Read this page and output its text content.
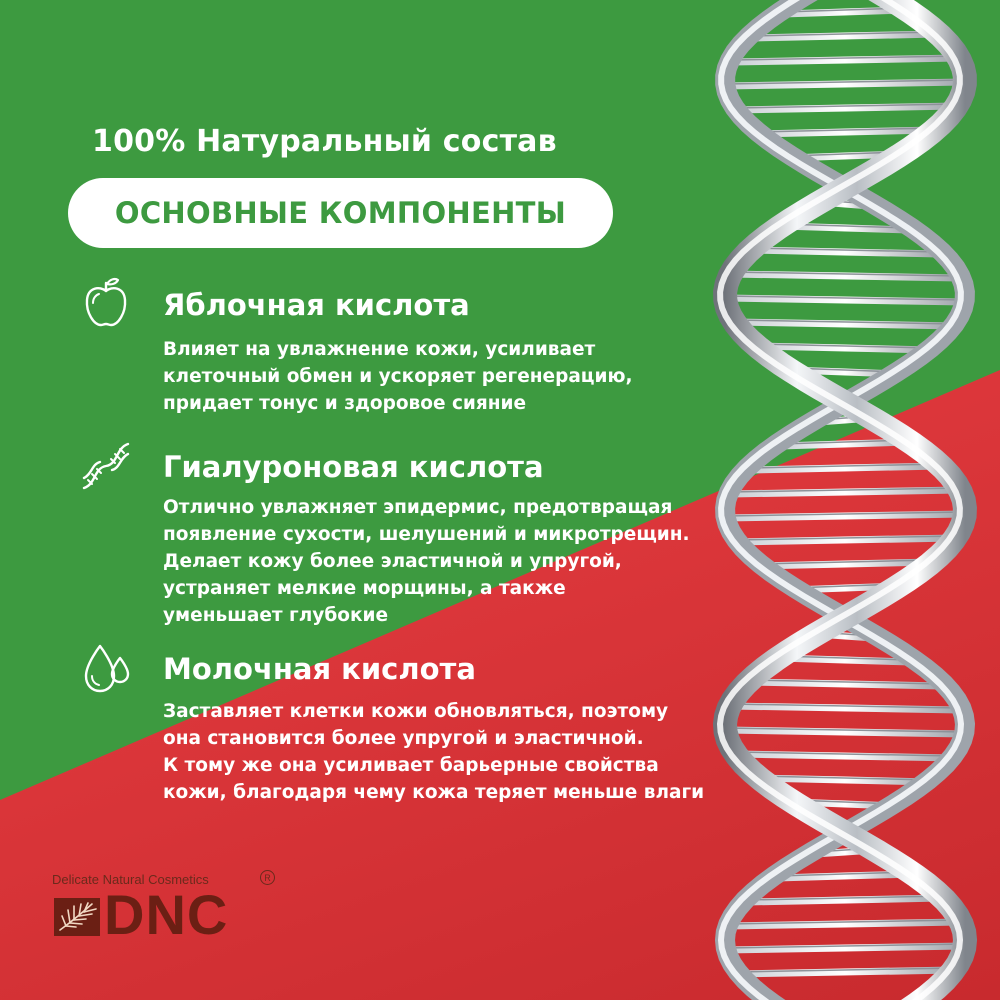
100% Натуральный состав
ОСНОВНЫЕ КОМПОНЕНТЫ
Яблочная кислота
Влияет на увлажнение кожи, усиливает
клеточный обмен и ускоряет регенерацию,
придает тонус и здоровое сияние
Гиалуроновая кислота
Отлично увлажняет эпидермис, предотвращая
появление сухости, шелушений и микротрещин.
Делает кожу более эластичной и упругой,
устраняет мелкие морщины, а также
уменьшает глубокие
Молочная кислота
Заставляет клетки кожи обновляться, поэтому
она становится более упругой и эластичной.
К тому же она усиливает барьерные свойства
кожи, благодаря чему кожа теряет меньше влаги
Delicate Natural Cosmetics	R
DNC
